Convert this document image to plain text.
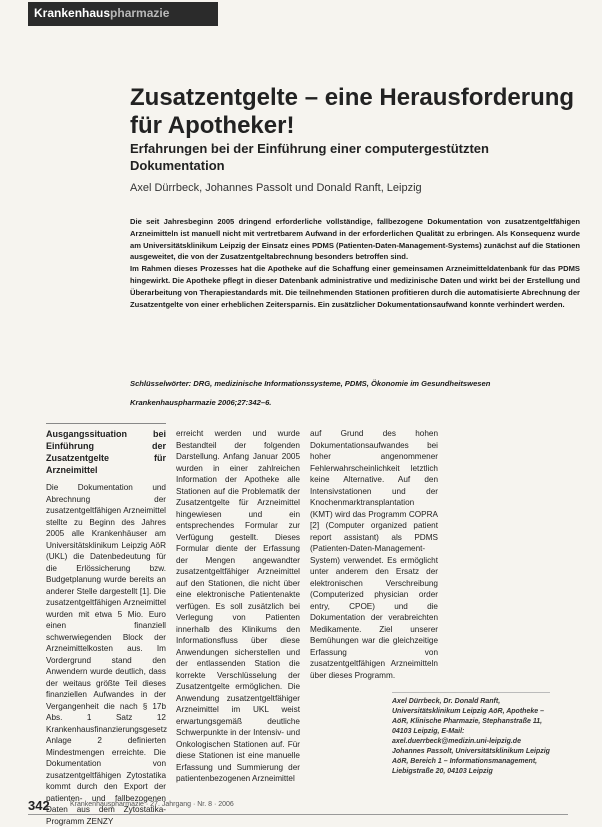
Krankenhauspharmazie
Zusatzentgelte – eine Herausforderung für Apotheker!
Erfahrungen bei der Einführung einer computergestützten Dokumentation
Axel Dürrbeck, Johannes Passolt und Donald Ranft, Leipzig

Die seit Jahresbeginn 2005 dringend erforderliche vollständige, fallbezogene Dokumentation von zusatzentgeltfähigen Arzneimitteln ist manuell nicht mit vertretbarem Aufwand in der erforderlichen Qualität zu erbringen. Als Konsequenz wurde am Universitätsklinikum Leipzig der Einsatz eines PDMS (Patienten-Daten-Management-Systems) zunächst auf die Stationen ausgeweitet, die von der Zusatzentgeltabrechnung besonders betroffen sind.

Im Rahmen dieses Prozesses hat die Apotheke auf die Schaffung einer gemeinsamen Arzneimitteldatenbank für das PDMS hingewirkt. Die Apotheke pflegt in dieser Datenbank administrative und medizinische Daten und wirkt bei der Erstellung und Überarbeitung von Therapiestandards mit. Die teilnehmenden Stationen profitieren durch die automatisierte Abrechnung der Zusatzentgelte von einer erheblichen Zeitersparnis. Ein zusätzlicher Dokumentationsaufwand konnte verhindert werden.

Schlüsselwörter: DRG, medizinische Informationssysteme, PDMS, Ökonomie im Gesundheitswesen
Krankenhauspharmazie 2006;27:342–6.
Ausgangssituation bei Einführung der Zusatzentgelte für Arzneimittel

Die Dokumentation und Abrechnung der zusatzentgeltfähigen Arzneimittel stellte zu Beginn des Jahres 2005 alle Krankenhäuser am Universitätsklinikum Leipzig AöR (UKL) die Datenbedeutung für die Erlössicherung bzw. Budgetplanung wurde bereits an anderer Stelle dargestellt [1]. Die zusatzentgeltfähigen Arzneimittel wurden mit etwa 5 Mio. Euro einen finanziell schwerwiegenden Block der Arzneimittelkosten aus. Im Vordergrund stand den Anwendern wurde deutlich, dass der weitaus größte Teil dieses finanziellen Aufwandes in der Vergangenheit die nach § 17b Abs. 1 Satz 12 Krankenhausfinanzierungsgesetz Anlage 2 definierten Mindestmengen erreichte. Die Dokumentation von zusatzentgeltfähigen Zytostatika kommt durch den Export der patienten- und fallbezogenen Daten aus dem Zytostatika-Programm ZENZY

erreicht werden und wurde Bestandteil der folgenden Darstellung. Anfang Januar 2005 wurden in einer zahlreichen Information der Apotheke alle Stationen auf die Problematik der Zusatzentgelte für Arzneimittel hingewiesen und ein entsprechendes Formular zur Verfügung gestellt. Dieses Formular diente der Erfassung der Mengen angewandter zusatzentgeltfähiger Arzneimittel auf den Stationen, die nicht über eine elektronische Patientenakte verfügen. Es soll zusätzlich bei Verlegung von Patienten innerhalb des Klinikums den Informationsfluss über diese Anwendungen sicherstellen und der entlassenden Station die korrekte Verschlüsselung der Zusatzentgelte ermöglichen. Die Anwendung zusatzentgeltfähiger Arzneimittel im UKL weist erwartungsgemäß deutliche Schwerpunkte in der Intensiv- und Onkologischen Stationen auf. Für diese Stationen ist eine manuelle Erfassung und Summierung der patientenbezogenen Arzneimittel

auf Grund des hohen Dokumentationsaufwandes bei hoher angenommener Fehlerwahrscheinlichkeit letztlich keine Alternative. Auf den Intensivstationen und der Knochenmarktransplantation (KMT) wird das Programm COPRA [2] (Computer organized patient report assistant) als PDMS (Patienten-Daten-Management-System) verwendet. Es ermöglicht unter anderem den Ersatz der elektronischen Verschreibung (Computerized physician order entry, CPOE) und die Dokumentation der verabreichten Medikamente. Ziel unserer Bemühungen war die gleichzeitige Erfassung von zusatzentgeltfähigen Arzneimitteln über dieses Programm.

Axel Dürrbeck, Dr. Donald Ranft, Universitätsklinikum Leipzig AöR, Apotheke – AöR, Klinische Pharmazie, Stephanstraße 11, 04103 Leipzig, E-Mail: axel.duerrbeck@medizin.uni-leipzig.de Johannes Passolt, Universitätsklinikum Leipzig AöR, Bereich 1 – Informationsmanagement, Liebigstraße 20, 04103 Leipzig
342	Krankenhauspharmazie · 27. Jahrgang · Nr. 8 · 2006
